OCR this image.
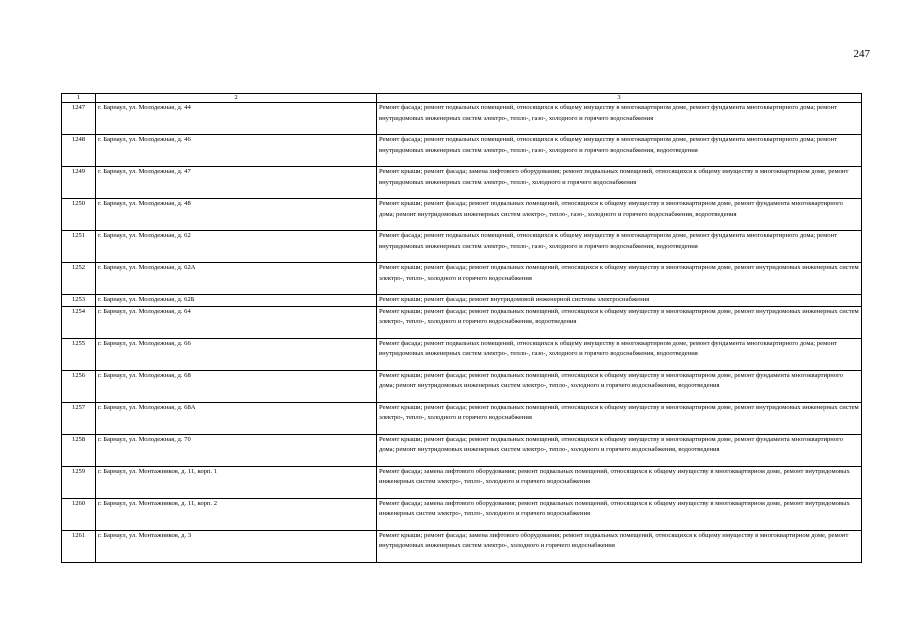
247
1	2	3
1247	г. Барнаул, ул. Молодежная, д. 44	Ремонт фасада; ремонт подвальных помещений, относящихся к общему имуществу в многоквартирном доме, ремонт фундамента многоквартирного дома; ремонт внутридомовых инженерных систем электро-, тепло-, газо-, холодного и горячего водоснабжения
1248	г. Барнаул, ул. Молодежная, д. 46	Ремонт фасада; ремонт подвальных помещений, относящихся к общему имуществу в многоквартирном доме, ремонт фундамента многоквартирного дома; ремонт внутридомовых инженерных систем электро-, тепло-, газо-, холодного и горячего водоснабжения, водоотведения
1249	г. Барнаул, ул. Молодежная, д. 47	Ремонт крыши; ремонт фасада; замена лифтового оборудования; ремонт подвальных помещений, относящихся к общему имуществу в многоквартирном доме, ремонт внутридомовых инженерных систем электро-, тепло-, холодного и горячего водоснабжения
1250	г. Барнаул, ул. Молодежная, д. 48	Ремонт крыши; ремонт фасада; ремонт подвальных помещений, относящихся к общему имуществу в многоквартирном доме, ремонт фундамента многоквартирного дома; ремонт внутридомовых инженерных систем электро-, тепло-, газо-, холодного и горячего водоснабжения, водоотведения
1251	г. Барнаул, ул. Молодежная, д. 62	Ремонт фасада; ремонт подвальных помещений, относящихся к общему имуществу в многоквартирном доме, ремонт фундамента многоквартирного дома; ремонт внутридомовых инженерных систем электро-, тепло-, газо-, холодного и горячего водоснабжения, водоотведения
1252	г. Барнаул, ул. Молодежная, д. 62А	Ремонт крыши; ремонт фасада; ремонт подвальных помещений, относящихся к общему имуществу в многоквартирном доме, ремонт внутридомовых инженерных систем электро-, тепло-, холодного и горячего водоснабжения
1253	г. Барнаул, ул. Молодежная, д. 62Б	Ремонт крыши; ремонт фасада; ремонт внутридомовой инженерной системы электроснабжения
1254	г. Барнаул, ул. Молодежная, д. 64	Ремонт крыши; ремонт фасада; ремонт подвальных помещений, относящихся к общему имуществу в многоквартирном доме, ремонт внутридомовых инженерных систем электро-, тепло-, холодного и горячего водоснабжения, водоотведения
1255	г. Барнаул, ул. Молодежная, д. 66	Ремонт фасада; ремонт подвальных помещений, относящихся к общему имуществу в многоквартирном доме, ремонт фундамента многоквартирного дома; ремонт внутридомовых инженерных систем электро-, тепло-, газо-, холодного и горячего водоснабжения, водоотведения
1256	г. Барнаул, ул. Молодежная, д. 68	Ремонт крыши; ремонт фасада; ремонт подвальных помещений, относящихся к общему имуществу в многоквартирном доме, ремонт фундамента многоквартирного дома; ремонт внутридомовых инженерных систем электро-, тепло-, холодного и горячего водоснабжения, водоотведения
1257	г. Барнаул, ул. Молодежная, д. 68А	Ремонт крыши; ремонт фасада; ремонт подвальных помещений, относящихся к общему имуществу в многоквартирном доме, ремонт внутридомовых инженерных систем электро-, тепло-, холодного и горячего водоснабжения
1258	г. Барнаул, ул. Молодежная, д. 70	Ремонт крыши; ремонт фасада; ремонт подвальных помещений, относящихся к общему имуществу в многоквартирном доме, ремонт фундамента многоквартирного дома; ремонт внутридомовых инженерных систем электро-, тепло-, холодного и горячего водоснабжения, водоотведения
1259	г. Барнаул, ул. Монтажников, д. 11, корп. 1	Ремонт фасада; замена лифтового оборудования; ремонт подвальных помещений, относящихся к общему имуществу в многоквартирном доме, ремонт внутридомовых инженерных систем электро-, тепло-, холодного и горячего водоснабжения
1260	г. Барнаул, ул. Монтажников, д. 11, корп. 2	Ремонт фасада; замена лифтового оборудования; ремонт подвальных помещений, относящихся к общему имуществу в многоквартирном доме, ремонт внутридомовых инженерных систем электро-, тепло-, холодного и горячего водоснабжения
1261	г. Барнаул, ул. Монтажников, д. 3	Ремонт крыши; ремонт фасада; замена лифтового оборудования; ремонт подвальных помещений, относящихся к общему имуществу в многоквартирном доме, ремонт внутридомовых инженерных систем электро-, холодного и горячего водоснабжения
